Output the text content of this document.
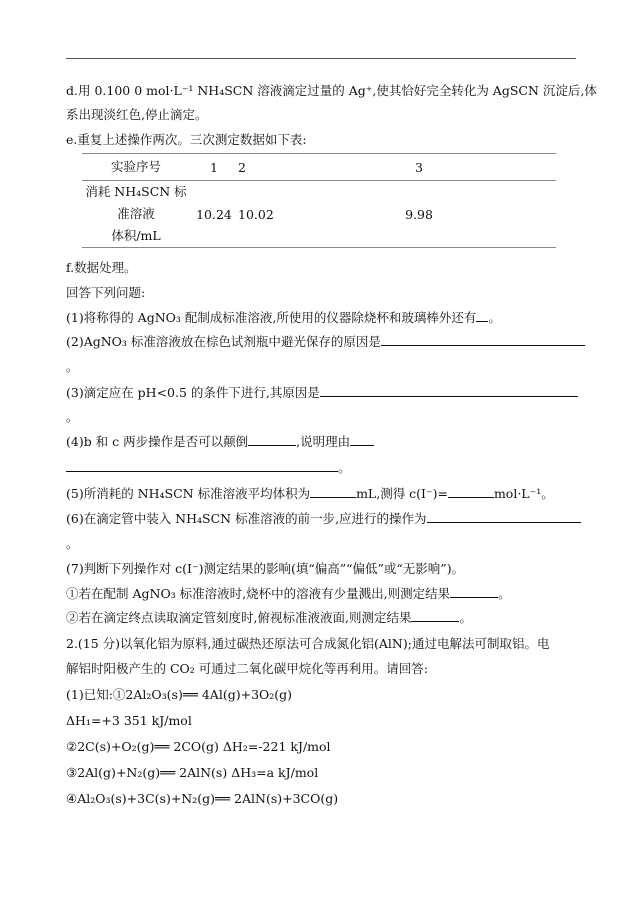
d.用 0.100 0 mol·L⁻¹ NH₄SCN 溶液滴定过量的 Ag⁺,使其恰好完全转化为 AgSCN 沉淀后,体
系出现淡红色,停止滴定。
e.重复上述操作两次。三次测定数据如下表:
实验序号	1	2	3

消耗 NH₄SCN 标准溶液
体积/mL	10.24	10.02	9.98
f.数据处理。
回答下列问题:
(1)将称得的 AgNO₃ 配制成标准溶液,所使用的仪器除烧杯和玻璃棒外还有 。
(2)AgNO₃ 标准溶液放在棕色试剂瓶中避光保存的原因是
。
(3)滴定应在 pH<0.5 的条件下进行,其原因是
。
(4)b 和 c 两步操作是否可以颠倒	,说明理由
。
(5)所消耗的 NH₄SCN 标准溶液平均体积为	mL,测得 c(I⁻)=	mol·L⁻¹。
(6)在滴定管中装入 NH₄SCN 标准溶液的前一步,应进行的操作为
。
(7)判断下列操作对 c(I⁻)测定结果的影响(填“偏高”“偏低”或“无影响”)。
①若在配制 AgNO₃ 标准溶液时,烧杯中的溶液有少量溅出,则测定结果	。
②若在滴定终点读取滴定管刻度时,俯视标准液液面,则测定结果	。
2.(15 分)以氧化铝为原料,通过碳热还原法可合成氮化铝(AlN);通过电解法可制取铝。电
解铝时阳极产生的 CO₂ 可通过二氧化碳甲烷化等再利用。请回答:
(1)已知:①2Al₂O₃(s)══ 4Al(g)+3O₂(g)
ΔH₁=+3 351 kJ/mol
②2C(s)+O₂(g)══ 2CO(g) ΔH₂=-221 kJ/mol
③2Al(g)+N₂(g)══ 2AlN(s) ΔH₃=a kJ/mol
④Al₂O₃(s)+3C(s)+N₂(g)══ 2AlN(s)+3CO(g)
